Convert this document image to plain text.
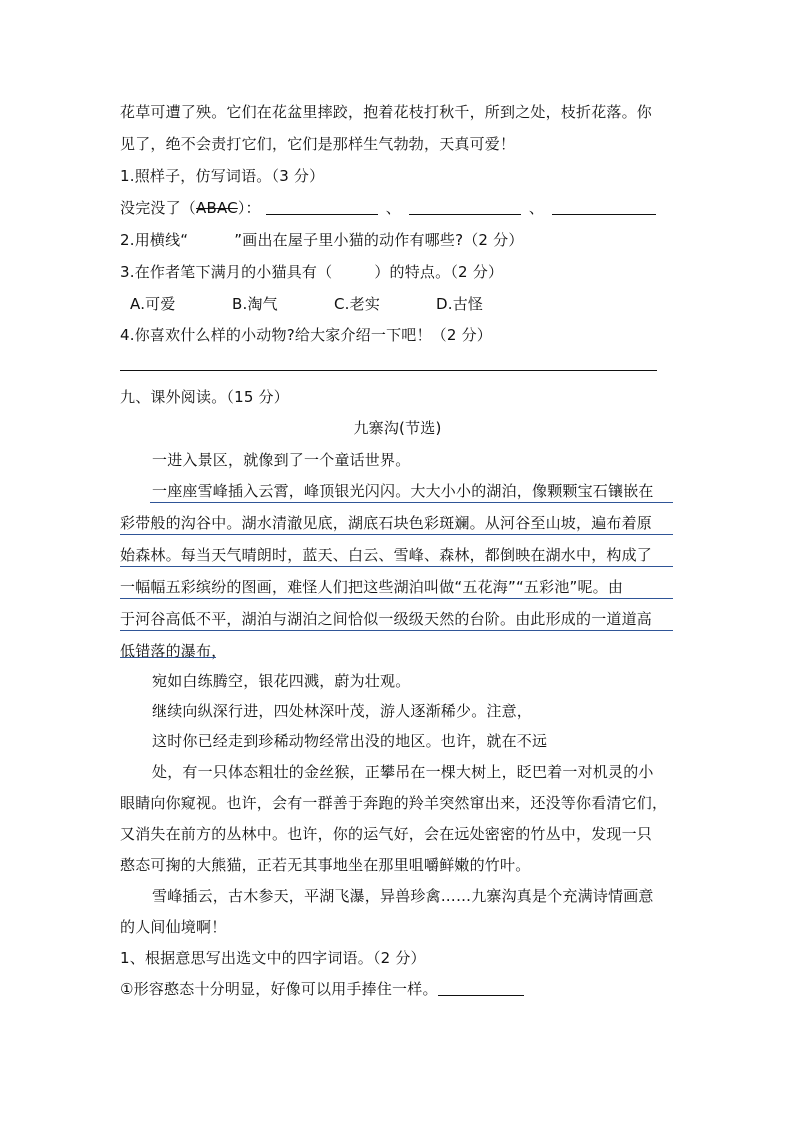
花草可遭了殃。它们在花盆里摔跤，抱着花枝打秋千，所到之处，枝折花落。你
见了，绝不会责打它们，它们是那样生气勃勃，天真可爱！
1.照样子，仿写词语。（3 分）
没完没了（ABAC）：	、	、
2.用横线“	”画出在屋子里小猫的动作有哪些?（2 分）
3.在作者笔下满月的小猫具有（	）的特点。（2 分）
A.可爱	B.淘气	C.老实	D.古怪
4.你喜欢什么样的小动物?给大家介绍一下吧！（2 分）
九、课外阅读。（15 分）
九寨沟(节选)
一进入景区，就像到了一个童话世界。
一座座雪峰插入云霄，峰顶银光闪闪。大大小小的湖泊，像颗颗宝石镶嵌在
彩带般的沟谷中。湖水清澈见底，湖底石块色彩斑斓。从河谷至山坡，遍布着原
始森林。每当天气晴朗时，蓝天、白云、雪峰、森林，都倒映在湖水中，构成了
一幅幅五彩缤纷的图画，难怪人们把这些湖泊叫做“五花海”“五彩池”呢。由
于河谷高低不平，湖泊与湖泊之间恰似一级级天然的台阶。由此形成的一道道高
低错落的瀑布，
宛如白练腾空，银花四溅，蔚为壮观。
继续向纵深行进，四处林深叶茂，游人逐渐稀少。注意，
这时你已经走到珍稀动物经常出没的地区。也许，就在不远
处，有一只体态粗壮的金丝猴，正攀吊在一棵大树上，眨巴着一对机灵的小
眼睛向你窥视。也许，会有一群善于奔跑的羚羊突然窜出来，还没等你看清它们，
又消失在前方的丛林中。也许，你的运气好，会在远处密密的竹丛中，发现一只
憨态可掬的大熊猫，正若无其事地坐在那里咀嚼鲜嫩的竹叶。
雪峰插云，古木参天，平湖飞瀑，异兽珍禽……九寨沟真是个充满诗情画意
的人间仙境啊！
1、根据意思写出选文中的四字词语。（2 分）
①形容憨态十分明显，好像可以用手捧住一样。
